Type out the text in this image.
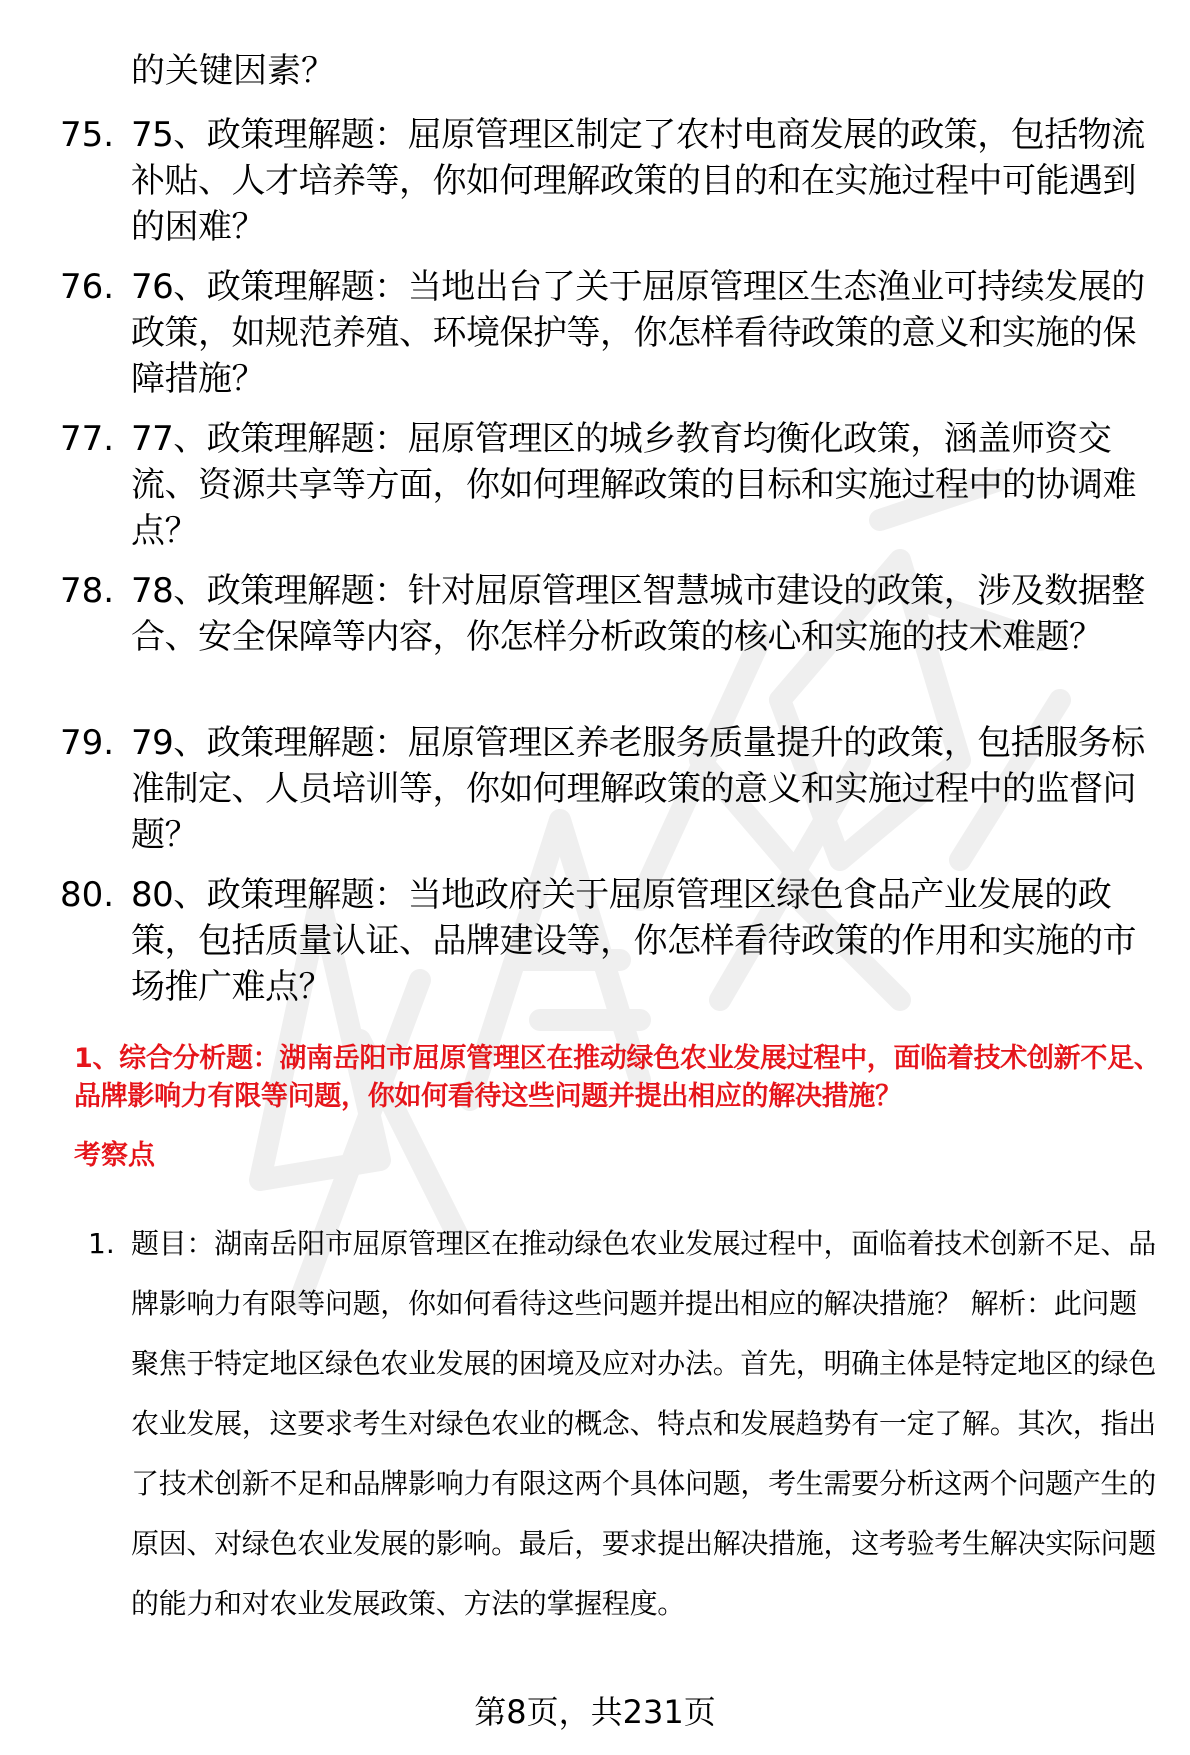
的关键因素？
75. 75、政策理解题：屈原管理区制定了农村电商发展的政策，包括物流补贴、人才培养等，你如何理解政策的目的和在实施过程中可能遇到的困难？
76. 76、政策理解题：当地出台了关于屈原管理区生态渔业可持续发展的政策，如规范养殖、环境保护等，你怎样看待政策的意义和实施的保障措施？
77. 77、政策理解题：屈原管理区的城乡教育均衡化政策，涵盖师资交流、资源共享等方面，你如何理解政策的目标和实施过程中的协调难点？
78. 78、政策理解题：针对屈原管理区智慧城市建设的政策，涉及数据整合、安全保障等内容，你怎样分析政策的核心和实施的技术难题？
79. 79、政策理解题：屈原管理区养老服务质量提升的政策，包括服务标准制定、人员培训等，你如何理解政策的意义和实施过程中的监督问题？
80. 80、政策理解题：当地政府关于屈原管理区绿色食品产业发展的政策，包括质量认证、品牌建设等，你怎样看待政策的作用和实施的市场推广难点？
1、综合分析题：湖南岳阳市屈原管理区在推动绿色农业发展过程中，面临着技术创新不足、品牌影响力有限等问题，你如何看待这些问题并提出相应的解决措施？
考察点
1. 题目：湖南岳阳市屈原管理区在推动绿色农业发展过程中，面临着技术创新不足、品牌影响力有限等问题，你如何看待这些问题并提出相应的解决措施？ 解析：此问题聚焦于特定地区绿色农业发展的困境及应对办法。首先，明确主体是特定地区的绿色农业发展，这要求考生对绿色农业的概念、特点和发展趋势有一定了解。其次，指出了技术创新不足和品牌影响力有限这两个具体问题，考生需要分析这两个问题产生的原因、对绿色农业发展的影响。最后，要求提出解决措施，这考验考生解决实际问题的能力和对农业发展政策、方法的掌握程度。
第8页，共231页
